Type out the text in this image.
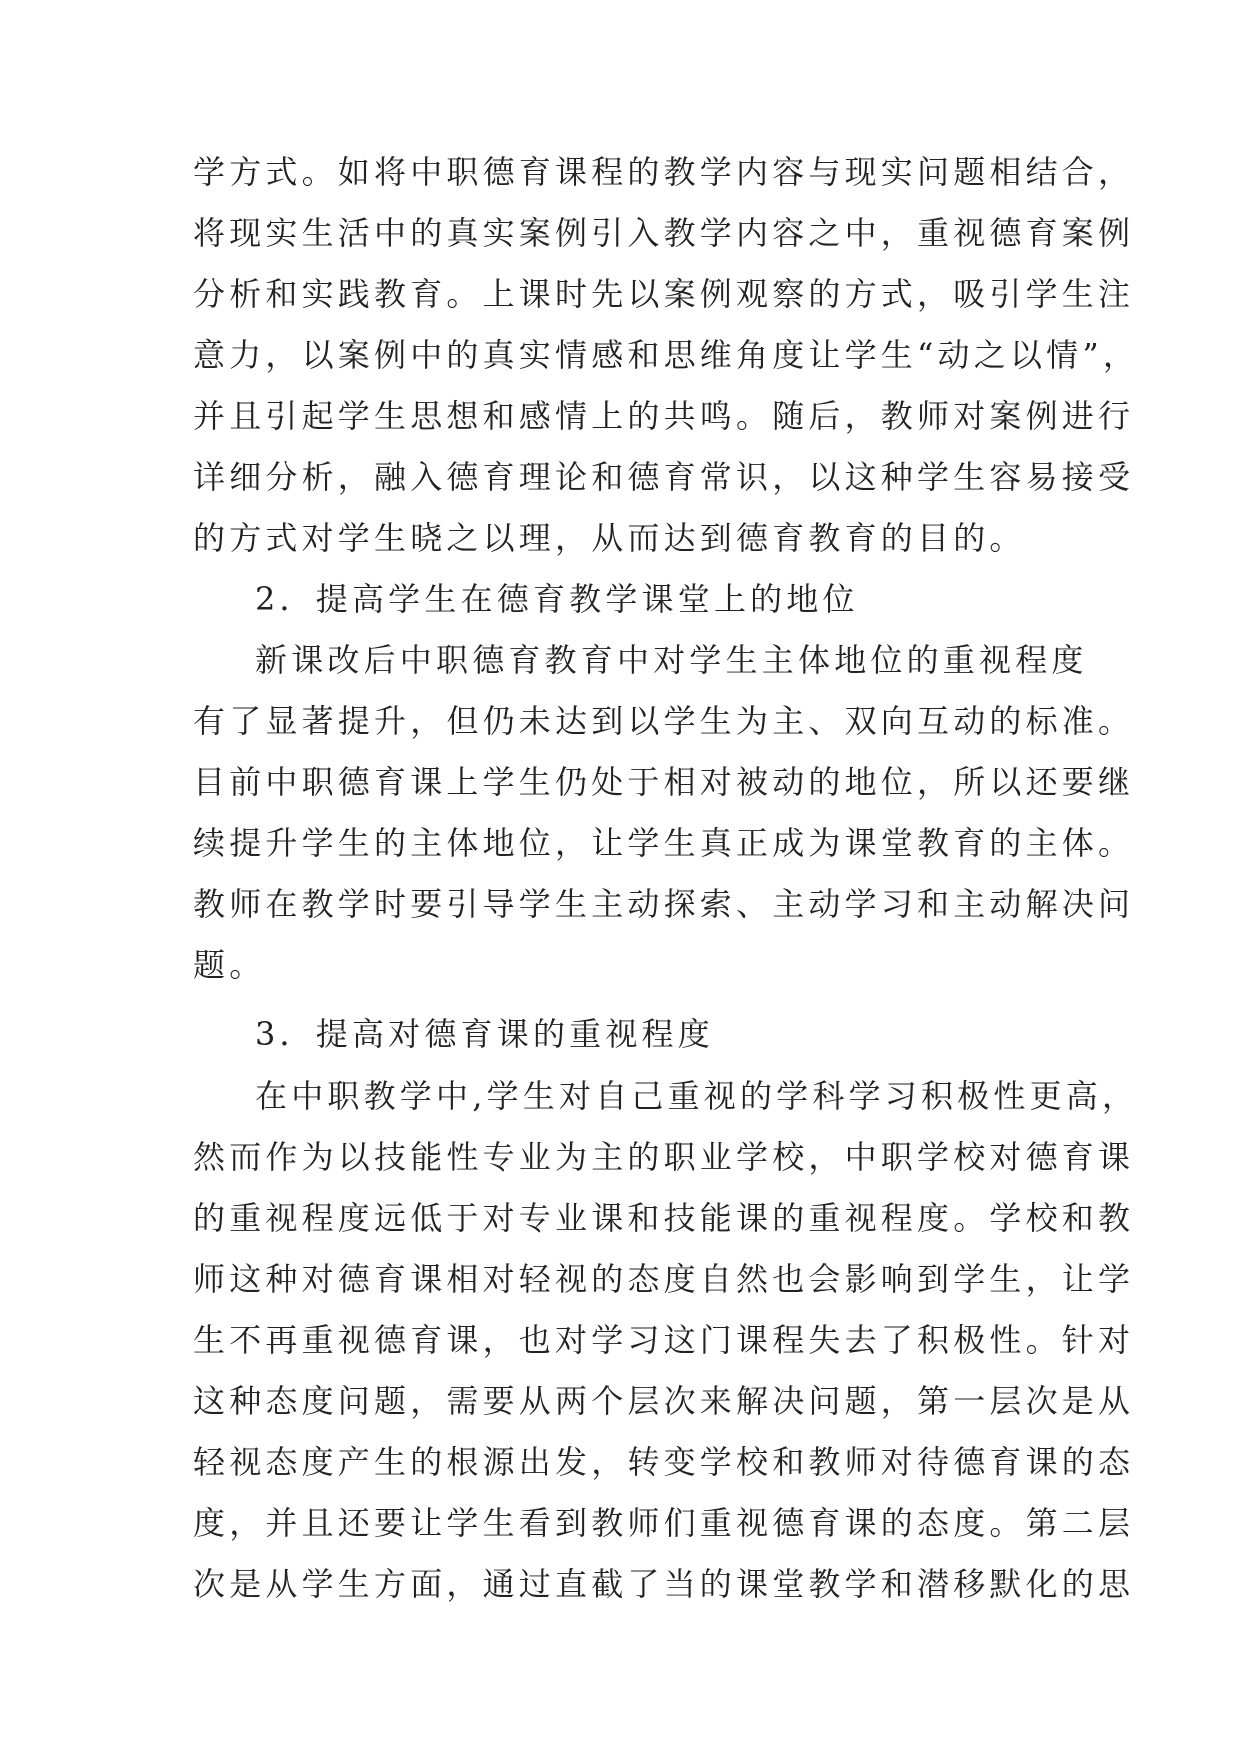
学方式。如将中职德育课程的教学内容与现实问题相结合，
将现实生活中的真实案例引入教学内容之中，重视德育案例
分析和实践教育。上课时先以案例观察的方式，吸引学生注
意力，以案例中的真实情感和思维角度让学生“动之以情”，
并且引起学生思想和感情上的共鸣。随后，教师对案例进行
详细分析，融入德育理论和德育常识，以这种学生容易接受
的方式对学生晓之以理，从而达到德育教育的目的。
2．提高学生在德育教学课堂上的地位
新课改后中职德育教育中对学生主体地位的重视程度
有了显著提升，但仍未达到以学生为主、双向互动的标准。
目前中职德育课上学生仍处于相对被动的地位，所以还要继
续提升学生的主体地位，让学生真正成为课堂教育的主体。
教师在教学时要引导学生主动探索、主动学习和主动解决问
题。
3．提高对德育课的重视程度
在中职教学中,学生对自己重视的学科学习积极性更高，
然而作为以技能性专业为主的职业学校，中职学校对德育课
的重视程度远低于对专业课和技能课的重视程度。学校和教
师这种对德育课相对轻视的态度自然也会影响到学生，让学
生不再重视德育课，也对学习这门课程失去了积极性。针对
这种态度问题，需要从两个层次来解决问题，第一层次是从
轻视态度产生的根源出发，转变学校和教师对待德育课的态
度，并且还要让学生看到教师们重视德育课的态度。第二层
次是从学生方面，通过直截了当的课堂教学和潜移默化的思
